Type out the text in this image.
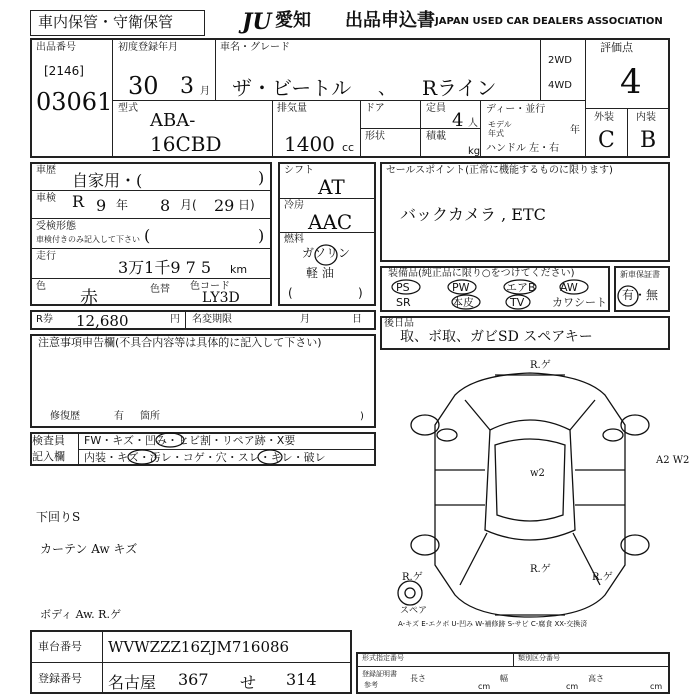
車内保管・守衛保管	JU 愛知 出品申込書 JAPAN USED CAR DEALERS ASSOCIATION
出品番号
[2146]
03061
初度登録年月
30 3 月
車名・グレード
ザ・ビートル 、 Rライン
2WD
4WD
評価点
4
型式
ABA-
16CBD
排気量
1400 cc
ドア
形状
定員
4 人
積載
kg
ディー・並行
モデル
年式	年
ハンドル 左・右
外装 内装
C B
車歴
自家用・(	)
車検 R 9 年 8 月( 29 日)
受検形態
車検付きのみ記入して下さい (	)
走行
3万1千9 7 5 km
色
赤	色替 色コード
LY3D
シフト
AT
冷房
AAC
燃料
ガソリン
軽 油
(	)
セールスポイント(正常に機能するものに限ります)
バックカメラ , ETC
装備品(純正品に限り○をつけてください)
PS	PW	エアB AW
SR	本皮	TV	カワシート
新車保証書
有・無
R券 12,680	円 名変期限	月	日
注意事項申告欄(不具合内容等は具体的に記入して下さい)
修復歴	有 箇所	)
検査員
記入欄
FW・キズ・凹み・ヒビ割・リペア跡・X要
内装・キズ・汚レ・コゲ・穴・スレ・キレ・破レ
下回りS
カーテン Aw キズ
ボディ Aw. R.ゲ
後日品
取、ボ取、ガビSD スペアキー
R.ゲ
w2
R.ゲ
A2 W2
R.ゲ	R.ゲ
スペア
A-キズ E-エクボ U-凹み W-補修跡 S-サビ C-腐食 XX-交換済
車台番号 WVWZZZ16ZJM716086
登録番号 名古屋 367 せ 314
形式指定番号	類別区分番号
登録証明書
参考
長さ
cm
幅
cm
高さ
cm
